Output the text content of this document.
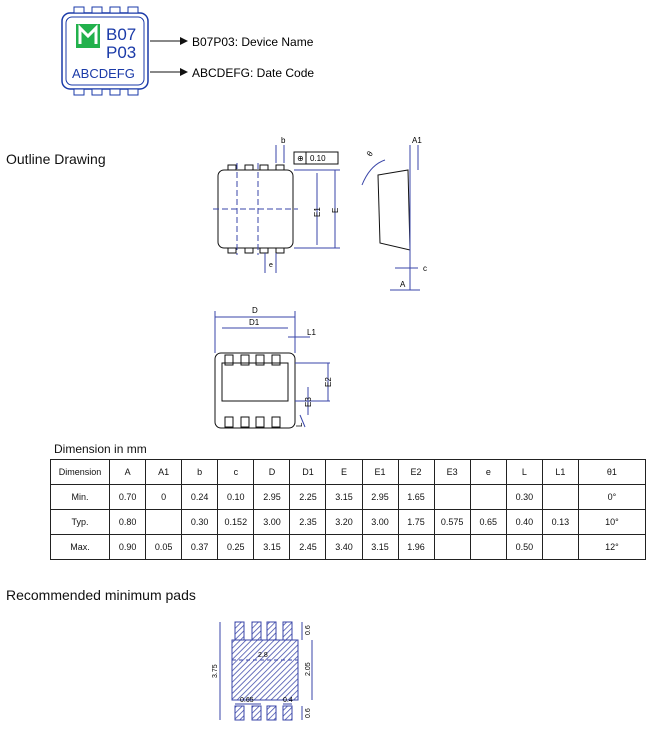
B07
P03
ABCDEFG
B07P03: Device Name
ABCDEFG: Date Code
Outline Drawing
b
⊕ 0.10
e
E1 E
A1
θ
c
A
D
D1
L1
E2
E3
L
Dimension in mm
Dimension	A	A1	b	c	D	D1	E	E1	E2	E3	e	L	L1	θ1
Min.	0.70	0	0.24	0.10	2.95	2.25	3.15	2.95	1.65			0.30		0°
Typ.	0.80		0.30	0.152	3.00	2.35	3.20	3.00	1.75	0.575	0.65	0.40	0.13	10°
Max.	0.90	0.05	0.37	0.25	3.15	2.45	3.40	3.15	1.96			0.50		12°
Recommended minimum pads
2.8
3.75	2.05
0.6
0.6
0.65	0.4
